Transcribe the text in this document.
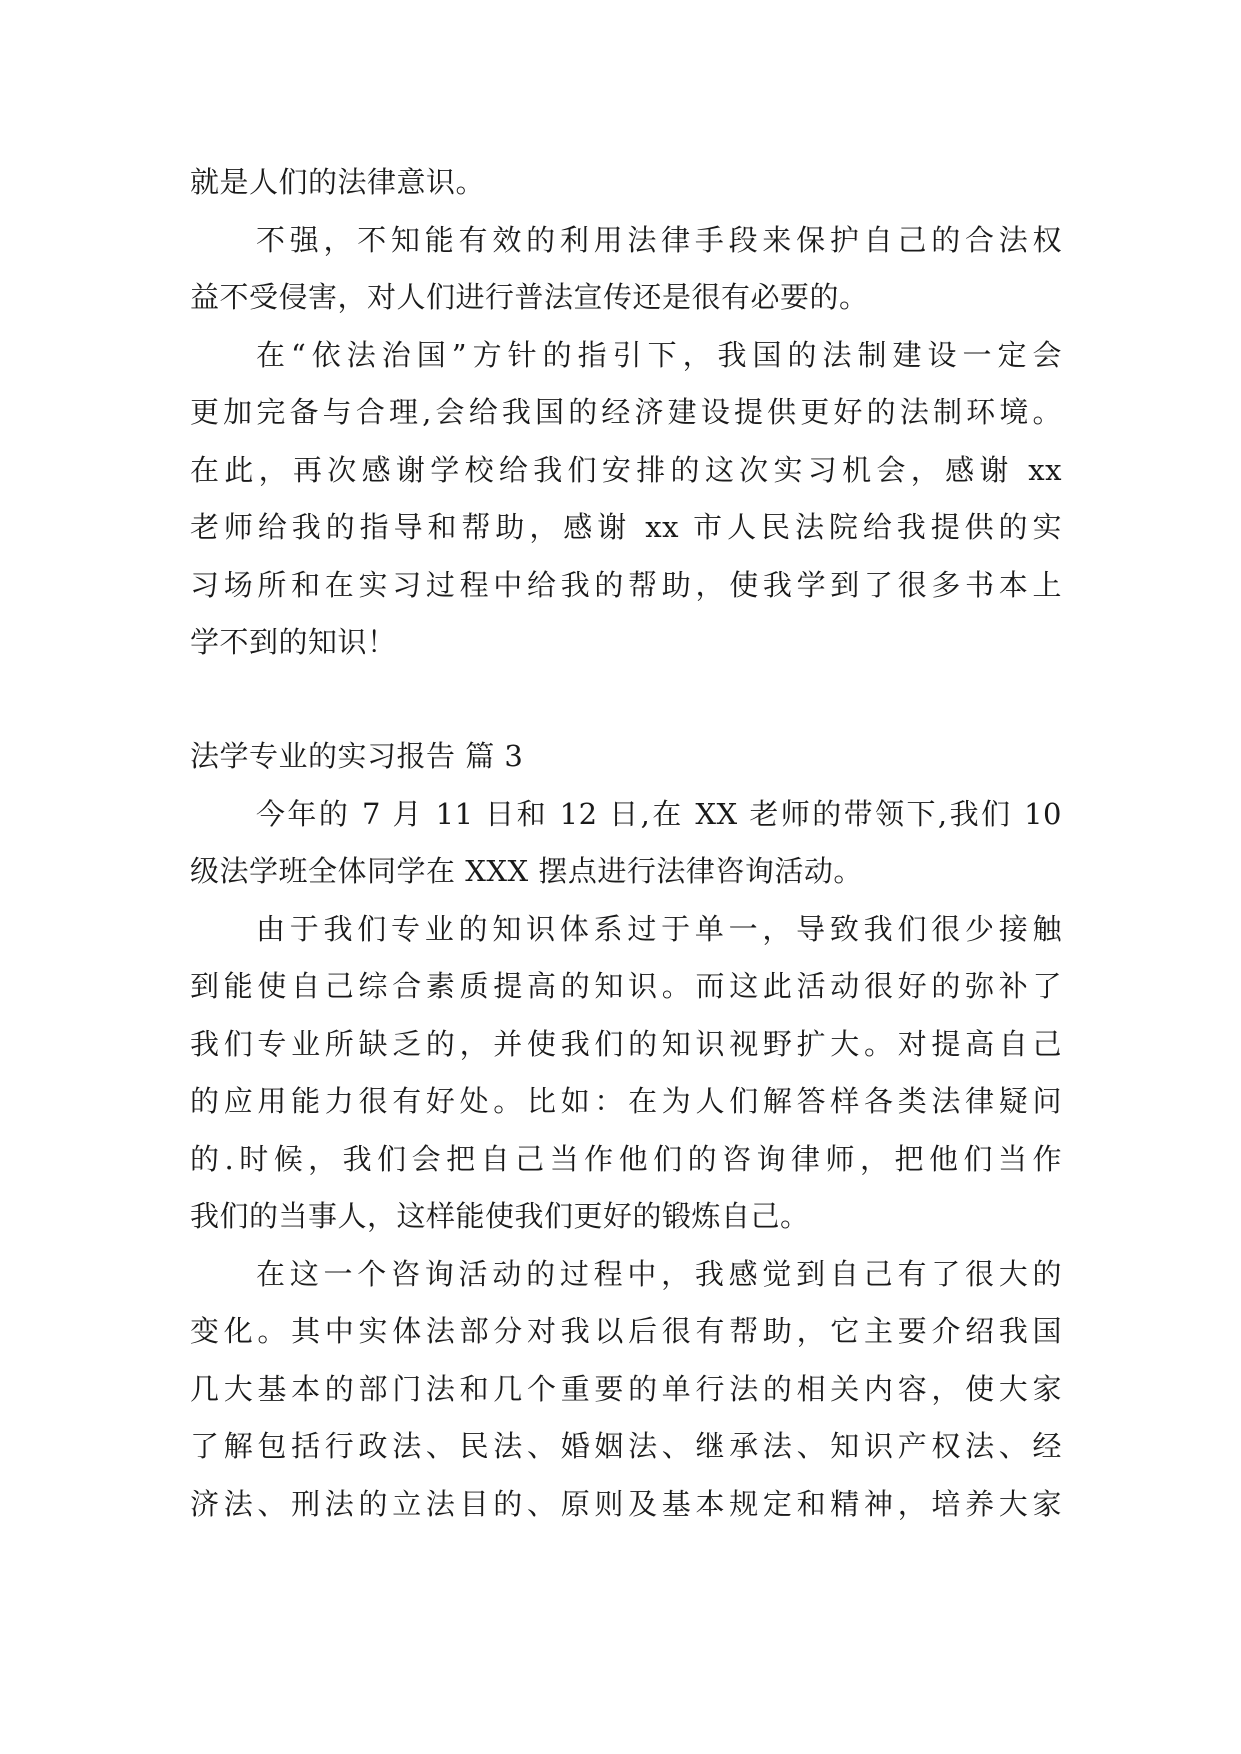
就是人们的法律意识。
不强，不知能有效的利用法律手段来保护自己的合法权
益不受侵害，对人们进行普法宣传还是很有必要的。
在“依法治国”方针的指引下，我国的法制建设一定会
更加完备与合理,会给我国的经济建设提供更好的法制环境。
在此，再次感谢学校给我们安排的这次实习机会，感谢 xx
老师给我的指导和帮助，感谢 xx 市人民法院给我提供的实
习场所和在实习过程中给我的帮助，使我学到了很多书本上
学不到的知识！
法学专业的实习报告 篇 3
今年的 7 月 11 日和 12 日,在 XX 老师的带领下,我们 10
级法学班全体同学在 XXX 摆点进行法律咨询活动。
由于我们专业的知识体系过于单一，导致我们很少接触
到能使自己综合素质提高的知识。而这此活动很好的弥补了
我们专业所缺乏的，并使我们的知识视野扩大。对提高自己
的应用能力很有好处。比如：在为人们解答样各类法律疑问
的.时候，我们会把自己当作他们的咨询律师，把他们当作
我们的当事人，这样能使我们更好的锻炼自己。
在这一个咨询活动的过程中，我感觉到自己有了很大的
变化。其中实体法部分对我以后很有帮助，它主要介绍我国
几大基本的部门法和几个重要的单行法的相关内容，使大家
了解包括行政法、民法、婚姻法、继承法、知识产权法、经
济法、刑法的立法目的、原则及基本规定和精神，培养大家
